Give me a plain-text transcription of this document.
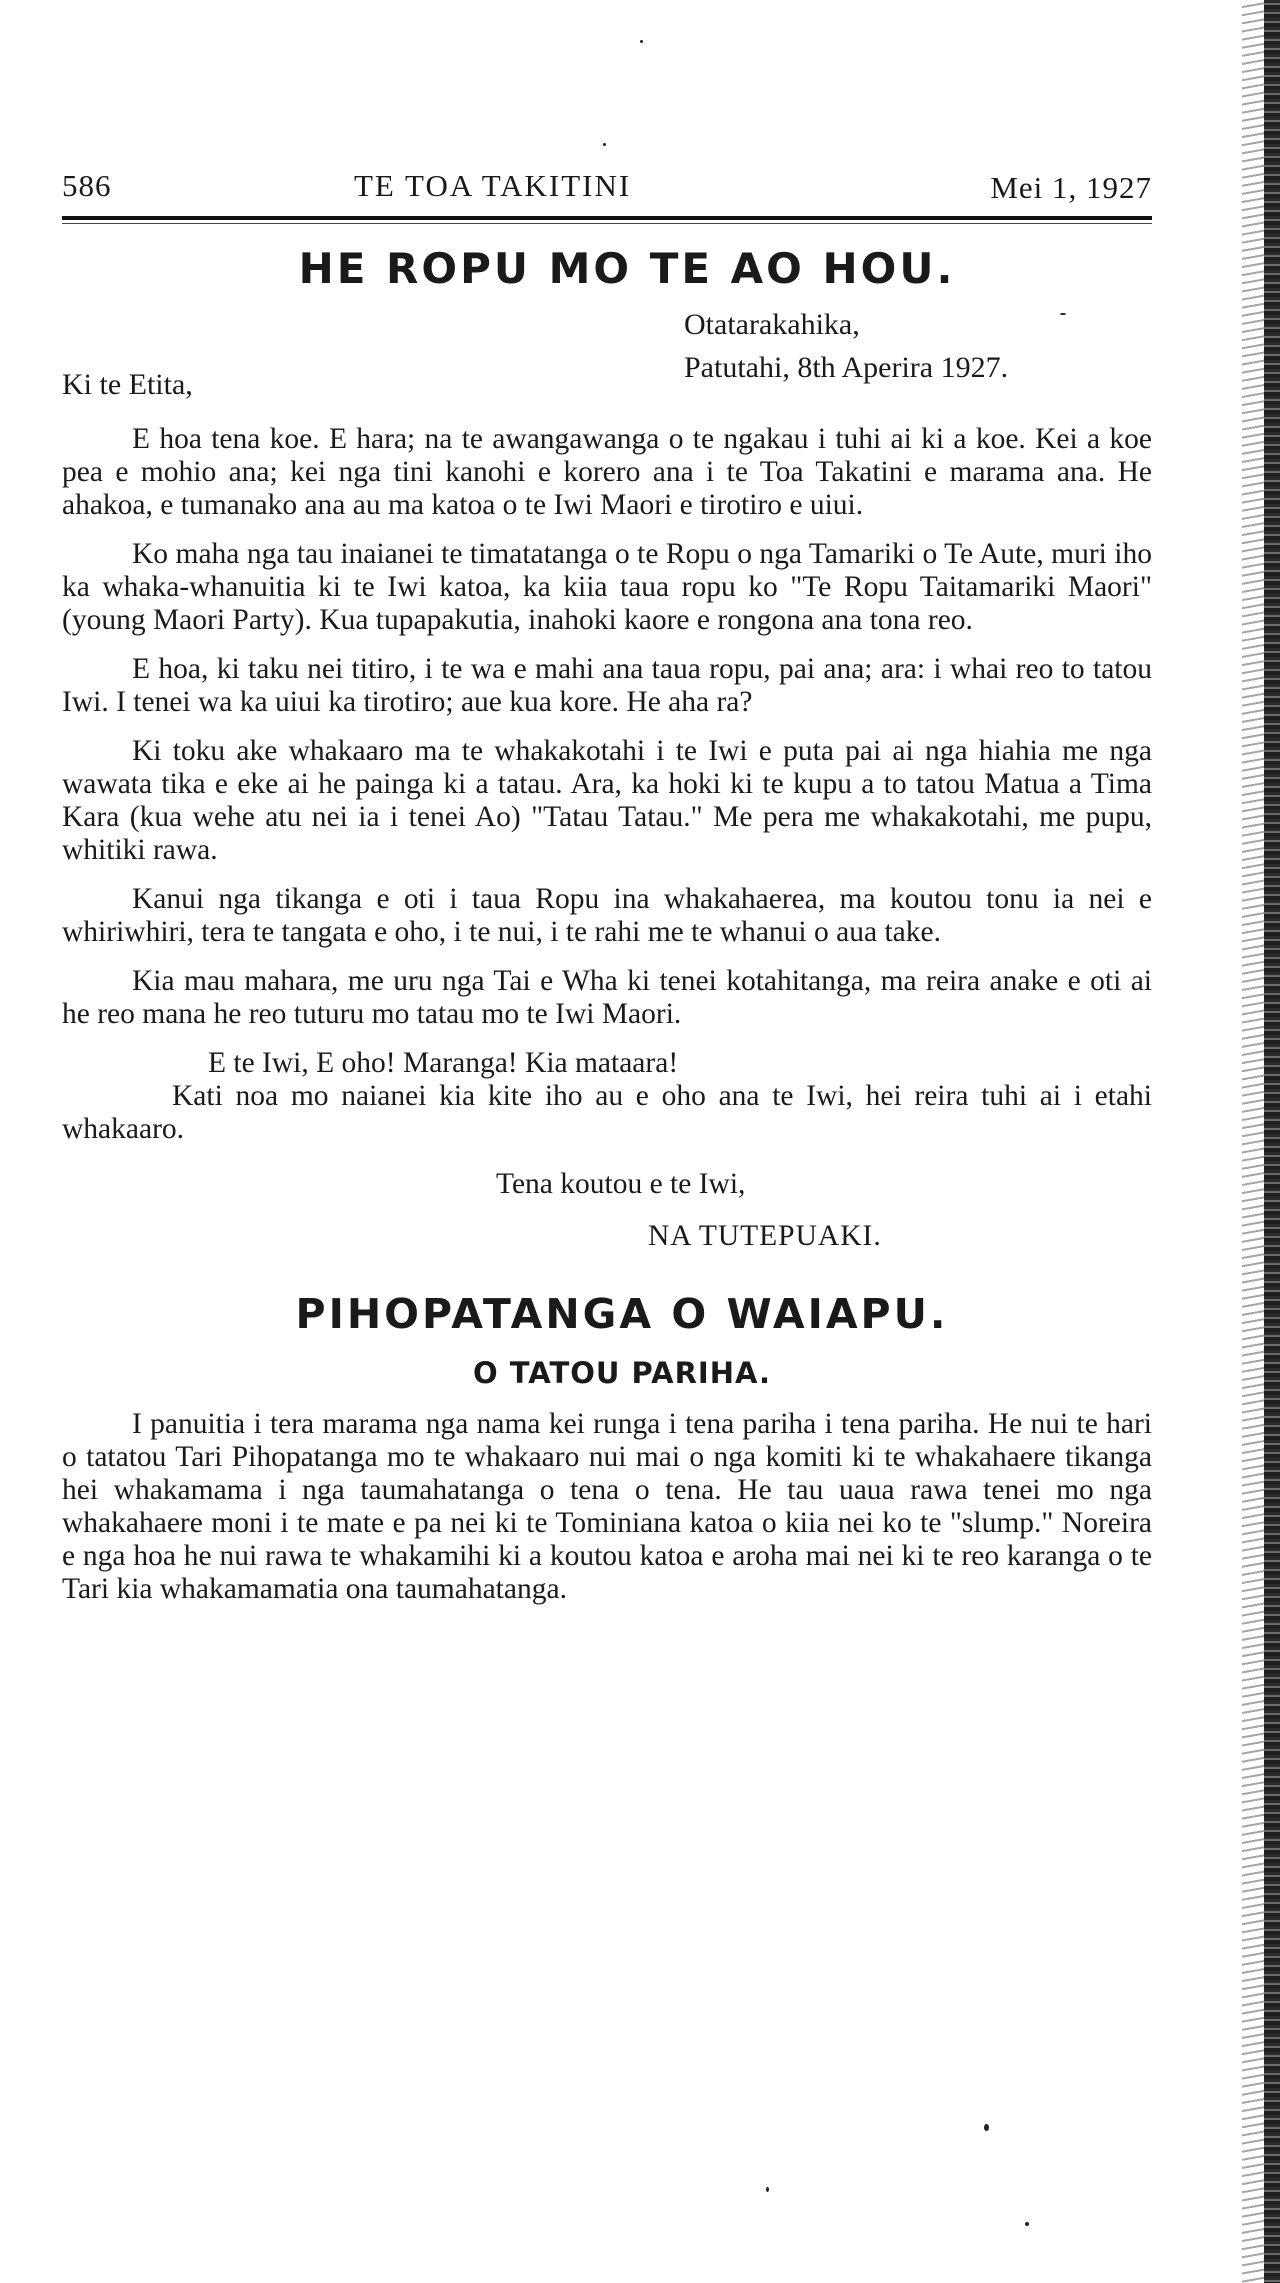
586	TE TOA TAKITINI	Mei 1, 1927
HE ROPU MO TE AO HOU.
Otatarakahika,
Patutahi, 8th Aperira 1927.
Ki te Etita,

E hoa tena koe. E hara; na te awangawanga o te ngakau i tuhi ai ki a koe. Kei a koe pea e mohio ana; kei nga tini kanohi e korero ana i te Toa Takatini e marama ana. He ahakoa, e tumanako ana au ma katoa o te Iwi Maori e tirotiro e uiui.

Ko maha nga tau inaianei te timatatanga o te Ropu o nga Tamariki o Te Aute, muri iho ka whaka-whanuitia ki te Iwi katoa, ka kiia taua ropu ko "Te Ropu Taitamariki Maori" (young Maori Party). Kua tupapakutia, inahoki kaore e rongona ana tona reo.

E hoa, ki taku nei titiro, i te wa e mahi ana taua ropu, pai ana; ara: i whai reo to tatou Iwi. I tenei wa ka uiui ka tirotiro; aue kua kore. He aha ra?

Ki toku ake whakaaro ma te whakakotahi i te Iwi e puta pai ai nga hiahia me nga wawata tika e eke ai he painga ki a tatau. Ara, ka hoki ki te kupu a to tatou Matua a Tima Kara (kua wehe atu nei ia i tenei Ao) "Tatau Tatau." Me pera me whakakotahi, me pupu, whitiki rawa.

Kanui nga tikanga e oti i taua Ropu ina whakahaerea, ma koutou tonu ia nei e whiriwhiri, tera te tangata e oho, i te nui, i te rahi me te whanui o aua take.

Kia mau mahara, me uru nga Tai e Wha ki tenei kotahitanga, ma reira anake e oti ai he reo mana he reo tuturu mo tatau mo te Iwi Maori.

E te Iwi, E oho! Maranga! Kia mataara!

Kati noa mo naianei kia kite iho au e oho ana te Iwi, hei reira tuhi ai i etahi whakaaro.

Tena koutou e te Iwi,
NA TUTEPUAKI.
PIHOPATANGA O WAIAPU.
O TATOU PARIHA.

I panuitia i tera marama nga nama kei runga i tena pariha i tena pariha. He nui te hari o tatatou Tari Pihopatanga mo te whakaaro nui mai o nga komiti ki te whakahaere tikanga hei whakamama i nga taumahatanga o tena o tena. He tau uaua rawa tenei mo nga whakahaere moni i te mate e pa nei ki te Tominiana katoa o kiia nei ko te "slump." Noreira e nga hoa he nui rawa te whakamihi ki a koutou katoa e aroha mai nei ki te reo karanga o te Tari kia whakamamatia ona taumahatanga.
